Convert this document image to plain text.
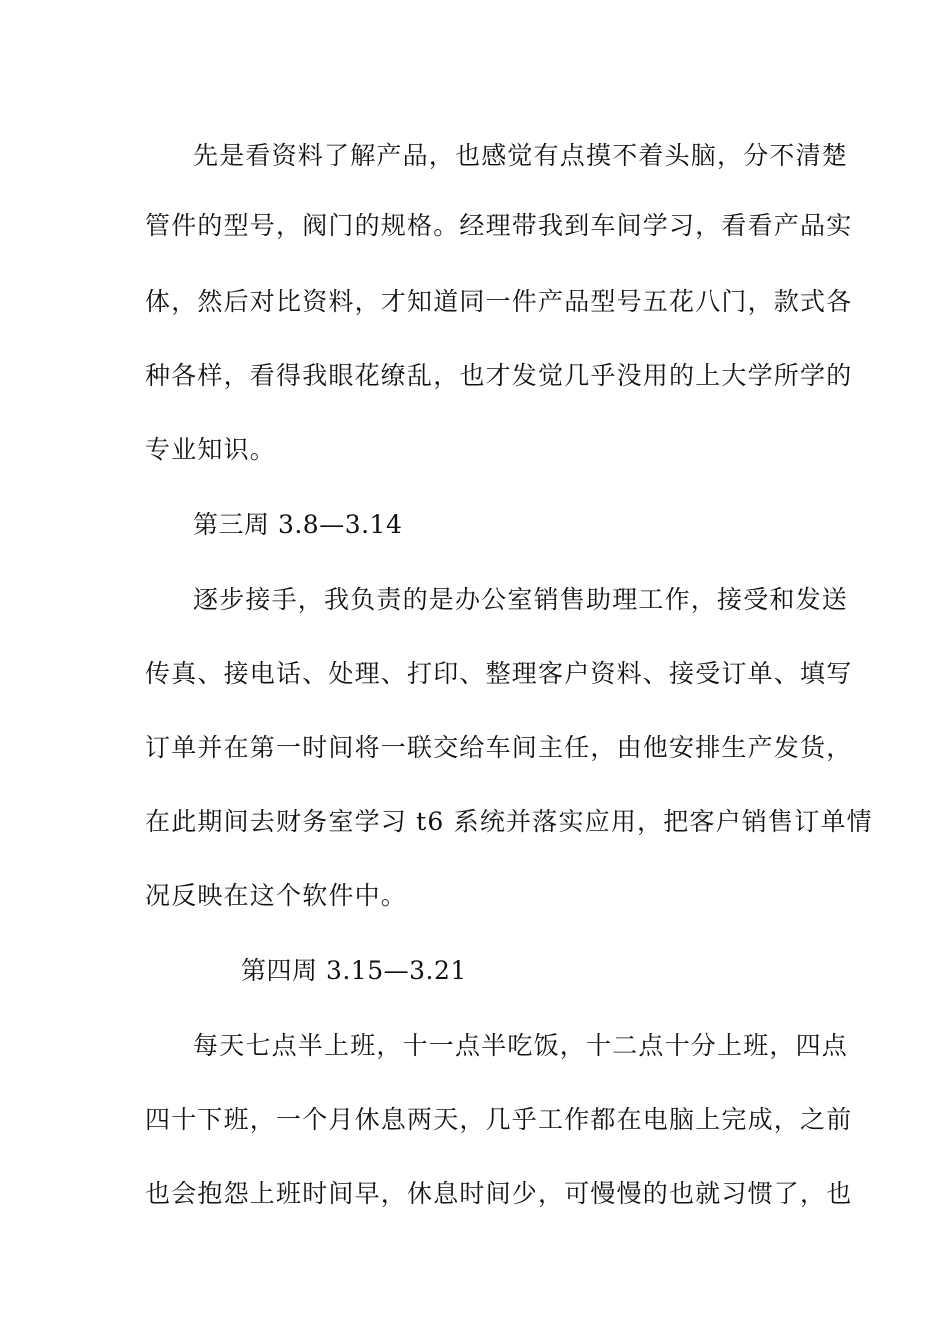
先是看资料了解产品，也感觉有点摸不着头脑，分不清楚
管件的型号，阀门的规格。经理带我到车间学习，看看产品实
体，然后对比资料，才知道同一件产品型号五花八门，款式各
种各样，看得我眼花缭乱，也才发觉几乎没用的上大学所学的
专业知识。
第三周 3.8—3.14
逐步接手，我负责的是办公室销售助理工作，接受和发送
传真、接电话、处理、打印、整理客户资料、接受订单、填写
订单并在第一时间将一联交给车间主任，由他安排生产发货，
在此期间去财务室学习 t6 系统并落实应用，把客户销售订单情
况反映在这个软件中。
第四周 3.15—3.21
每天七点半上班，十一点半吃饭，十二点十分上班，四点
四十下班，一个月休息两天，几乎工作都在电脑上完成，之前
也会抱怨上班时间早，休息时间少，可慢慢的也就习惯了，也
